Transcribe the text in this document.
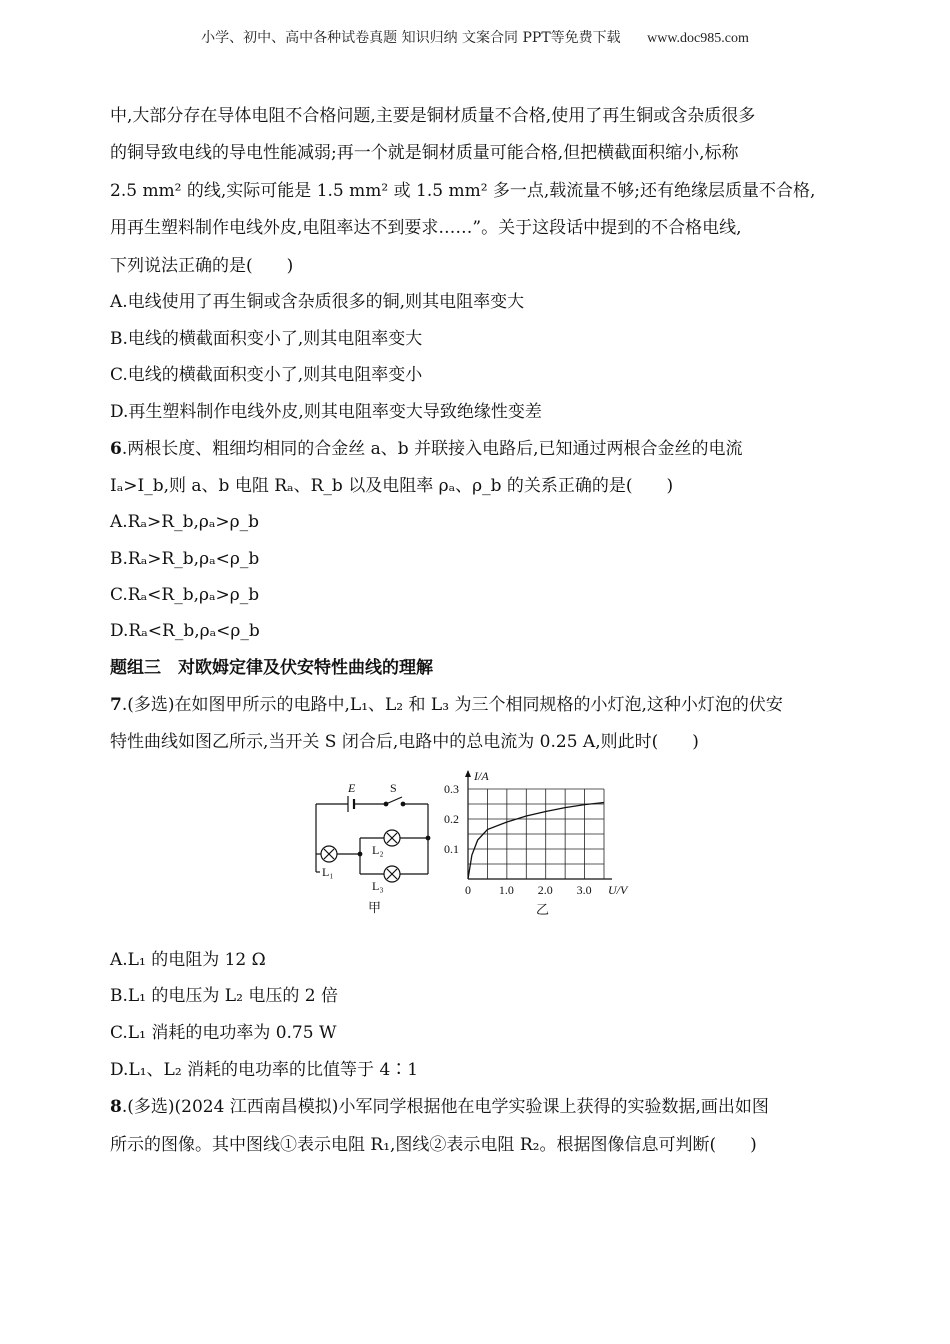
小学、初中、高中各种试卷真题 知识归纳 文案合同 PPT等免费下载 www.doc985.com
中,大部分存在导体电阻不合格问题,主要是铜材质量不合格,使用了再生铜或含杂质很多
的铜导致电线的导电性能减弱;再一个就是铜材质量可能合格,但把横截面积缩小,标称
2.5 mm² 的线,实际可能是 1.5 mm² 或 1.5 mm² 多一点,载流量不够;还有绝缘层质量不合格,
用再生塑料制作电线外皮,电阻率达不到要求……”。关于这段话中提到的不合格电线,
下列说法正确的是(　　)
A.电线使用了再生铜或含杂质很多的铜,则其电阻率变大
B.电线的横截面积变小了,则其电阻率变大
C.电线的横截面积变小了,则其电阻率变小
D.再生塑料制作电线外皮,则其电阻率变大导致绝缘性变差
6.两根长度、粗细均相同的合金丝 a、b 并联接入电路后,已知通过两根合金丝的电流
Iₐ>I_b,则 a、b 电阻 Rₐ、R_b 以及电阻率 ρₐ、ρ_b 的关系正确的是(　　)
A.Rₐ>R_b,ρₐ>ρ_b
B.Rₐ>R_b,ρₐ<ρ_b
C.Rₐ<R_b,ρₐ>ρ_b
D.Rₐ<R_b,ρₐ<ρ_b
题组三　对欧姆定律及伏安特性曲线的理解
7.(多选)在如图甲所示的电路中,L₁、L₂ 和 L₃ 为三个相同规格的小灯泡,这种小灯泡的伏安
特性曲线如图乙所示,当开关 S 闭合后,电路中的总电流为 0.25 A,则此时(　　)
A.L₁ 的电阻为 12 Ω
B.L₁ 的电压为 L₂ 电压的 2 倍
C.L₁ 消耗的电功率为 0.75 W
D.L₁、L₂ 消耗的电功率的比值等于 4∶1
8.(多选)(2024 江西南昌模拟)小军同学根据他在电学实验课上获得的实验数据,画出如图
所示的图像。其中图线①表示电阻 R₁,图线②表示电阻 R₂。根据图像信息可判断(　　)
E	S
L₁
L₂
L₃
甲
I/A
U/V
乙
0 1.0 2.0 3.0
0.1
0.2
0.3
